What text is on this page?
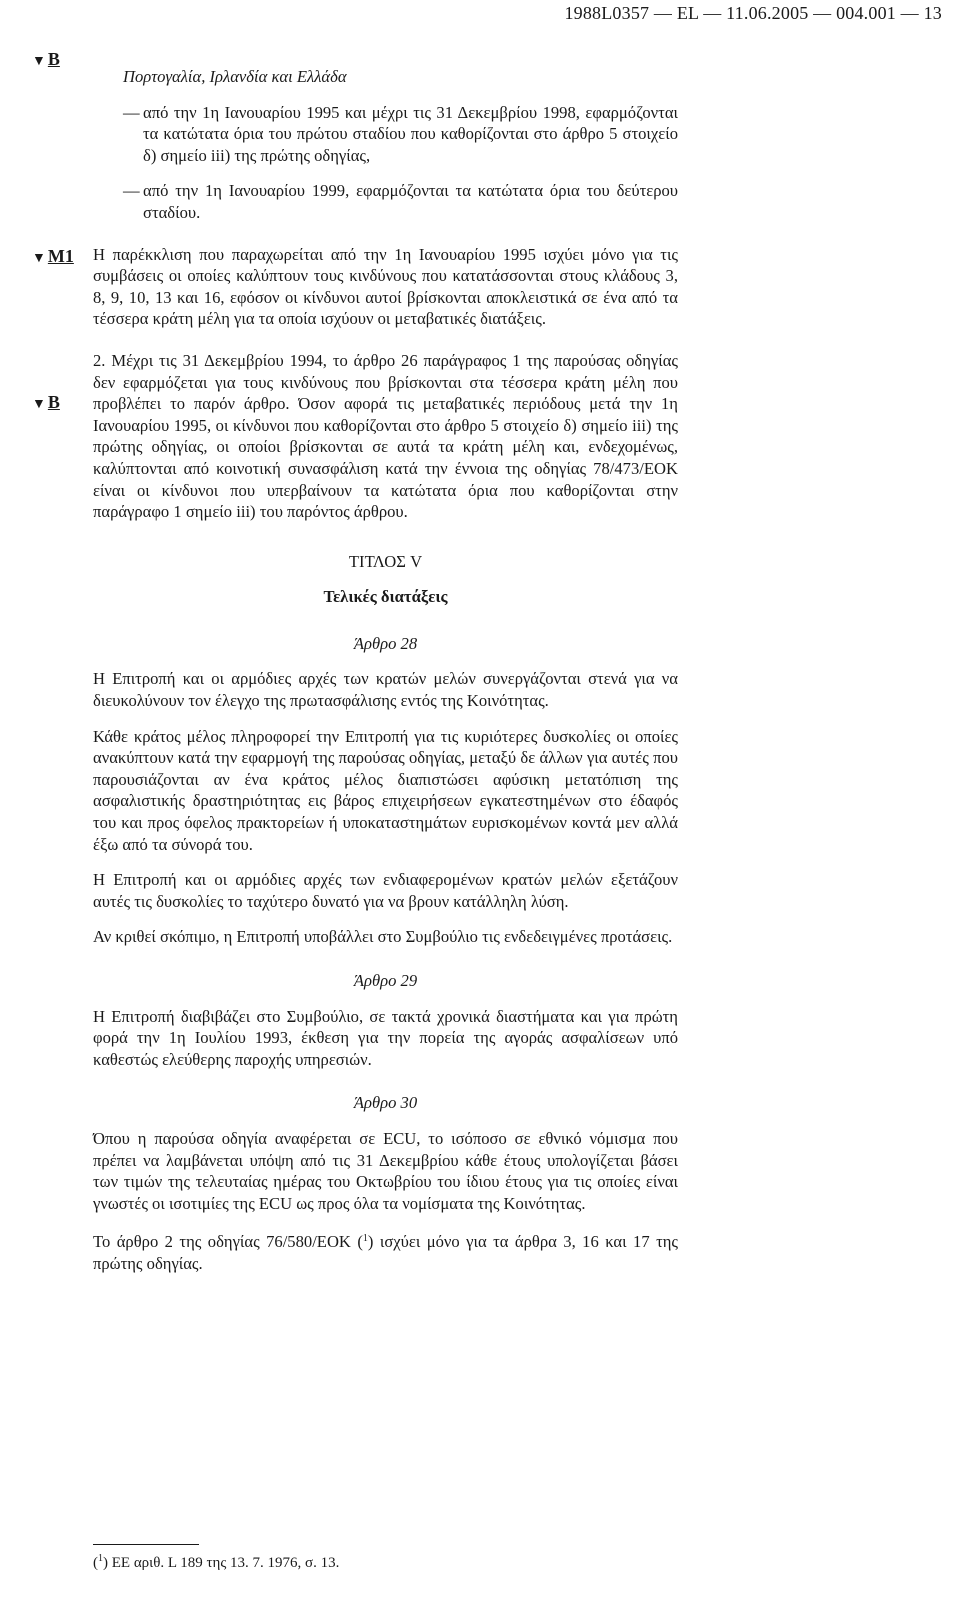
1988L0357 — EL — 11.06.2005 — 004.001 — 13
▼ B
▼ M1
▼ B

Πορτογαλία, Ιρλανδία και Ελλάδα

— από την 1η Ιανουαρίου 1995 και μέχρι τις 31 Δεκεμβρίου 1998, εφαρμόζονται τα κατώτατα όρια του πρώτου σταδίου που καθορίζονται στο άρθρο 5 στοιχείο δ) σημείο iii) της πρώτης οδηγίας,

— από την 1η Ιανουαρίου 1999, εφαρμόζονται τα κατώτατα όρια του δεύτερου σταδίου.

Η παρέκκλιση που παραχωρείται από την 1η Ιανουαρίου 1995 ισχύει μόνο για τις συμβάσεις οι οποίες καλύπτουν τους κινδύνους που κατατάσσονται στους κλάδους 3, 8, 9, 10, 13 και 16, εφόσον οι κίνδυνοι αυτοί βρίσκονται αποκλειστικά σε ένα από τα τέσσερα κράτη μέλη για τα οποία ισχύουν οι μεταβατικές διατάξεις.

2. Μέχρι τις 31 Δεκεμβρίου 1994, το άρθρο 26 παράγραφος 1 της παρούσας οδηγίας δεν εφαρμόζεται για τους κινδύνους που βρίσκονται στα τέσσερα κράτη μέλη που προβλέπει το παρόν άρθρο. Όσον αφορά τις μεταβατικές περιόδους μετά την 1η Ιανουαρίου 1995, οι κίνδυνοι που καθορίζονται στο άρθρο 5 στοιχείο δ) σημείο iii) της πρώτης οδηγίας, οι οποίοι βρίσκονται σε αυτά τα κράτη μέλη και, ενδεχομένως, καλύπτονται από κοινοτική συνασφάλιση κατά την έννοια της οδηγίας 78/473/ΕΟΚ είναι οι κίνδυνοι που υπερβαίνουν τα κατώτατα όρια που καθορίζονται στην παράγραφο 1 σημείο iii) του παρόντος άρθρου.

ΤΙΤΛΟΣ V

Τελικές διατάξεις

Άρθρο 28

Η Επιτροπή και οι αρμόδιες αρχές των κρατών μελών συνεργάζονται στενά για να διευκολύνουν τον έλεγχο της πρωτασφάλισης εντός της Κοινότητας.

Κάθε κράτος μέλος πληροφορεί την Επιτροπή για τις κυριότερες δυσκολίες οι οποίες ανακύπτουν κατά την εφαρμογή της παρούσας οδηγίας, μεταξύ δε άλλων για αυτές που παρουσιάζονται αν ένα κράτος μέλος διαπιστώσει αφύσικη μετατόπιση της ασφαλιστικής δραστηριότητας εις βάρος επιχειρήσεων εγκατεστημένων στο έδαφός του και προς όφελος πρακτορείων ή υποκαταστημάτων ευρισκομένων κοντά μεν αλλά έξω από τα σύνορά του.

Η Επιτροπή και οι αρμόδιες αρχές των ενδιαφερομένων κρατών μελών εξετάζουν αυτές τις δυσκολίες το ταχύτερο δυνατό για να βρουν κατάλληλη λύση.

Αν κριθεί σκόπιμο, η Επιτροπή υποβάλλει στο Συμβούλιο τις ενδεδειγμένες προτάσεις.

Άρθρο 29

Η Επιτροπή διαβιβάζει στο Συμβούλιο, σε τακτά χρονικά διαστήματα και για πρώτη φορά την 1η Ιουλίου 1993, έκθεση για την πορεία της αγοράς ασφαλίσεων υπό καθεστώς ελεύθερης παροχής υπηρεσιών.

Άρθρο 30

Όπου η παρούσα οδηγία αναφέρεται σε ECU, το ισόποσο σε εθνικό νόμισμα που πρέπει να λαμβάνεται υπόψη από τις 31 Δεκεμβρίου κάθε έτους υπολογίζεται βάσει των τιμών της τελευταίας ημέρας του Οκτωβρίου του ίδιου έτους για τις οποίες είναι γνωστές οι ισοτιμίες της ECU ως προς όλα τα νομίσματα της Κοινότητας.

Το άρθρο 2 της οδηγίας 76/580/ΕΟΚ ($^1$) ισχύει μόνο για τα άρθρα 3, 16 και 17 της πρώτης οδηγίας.

($^1$) ΕΕ αριθ. L 189 της 13. 7. 1976, σ. 13.
